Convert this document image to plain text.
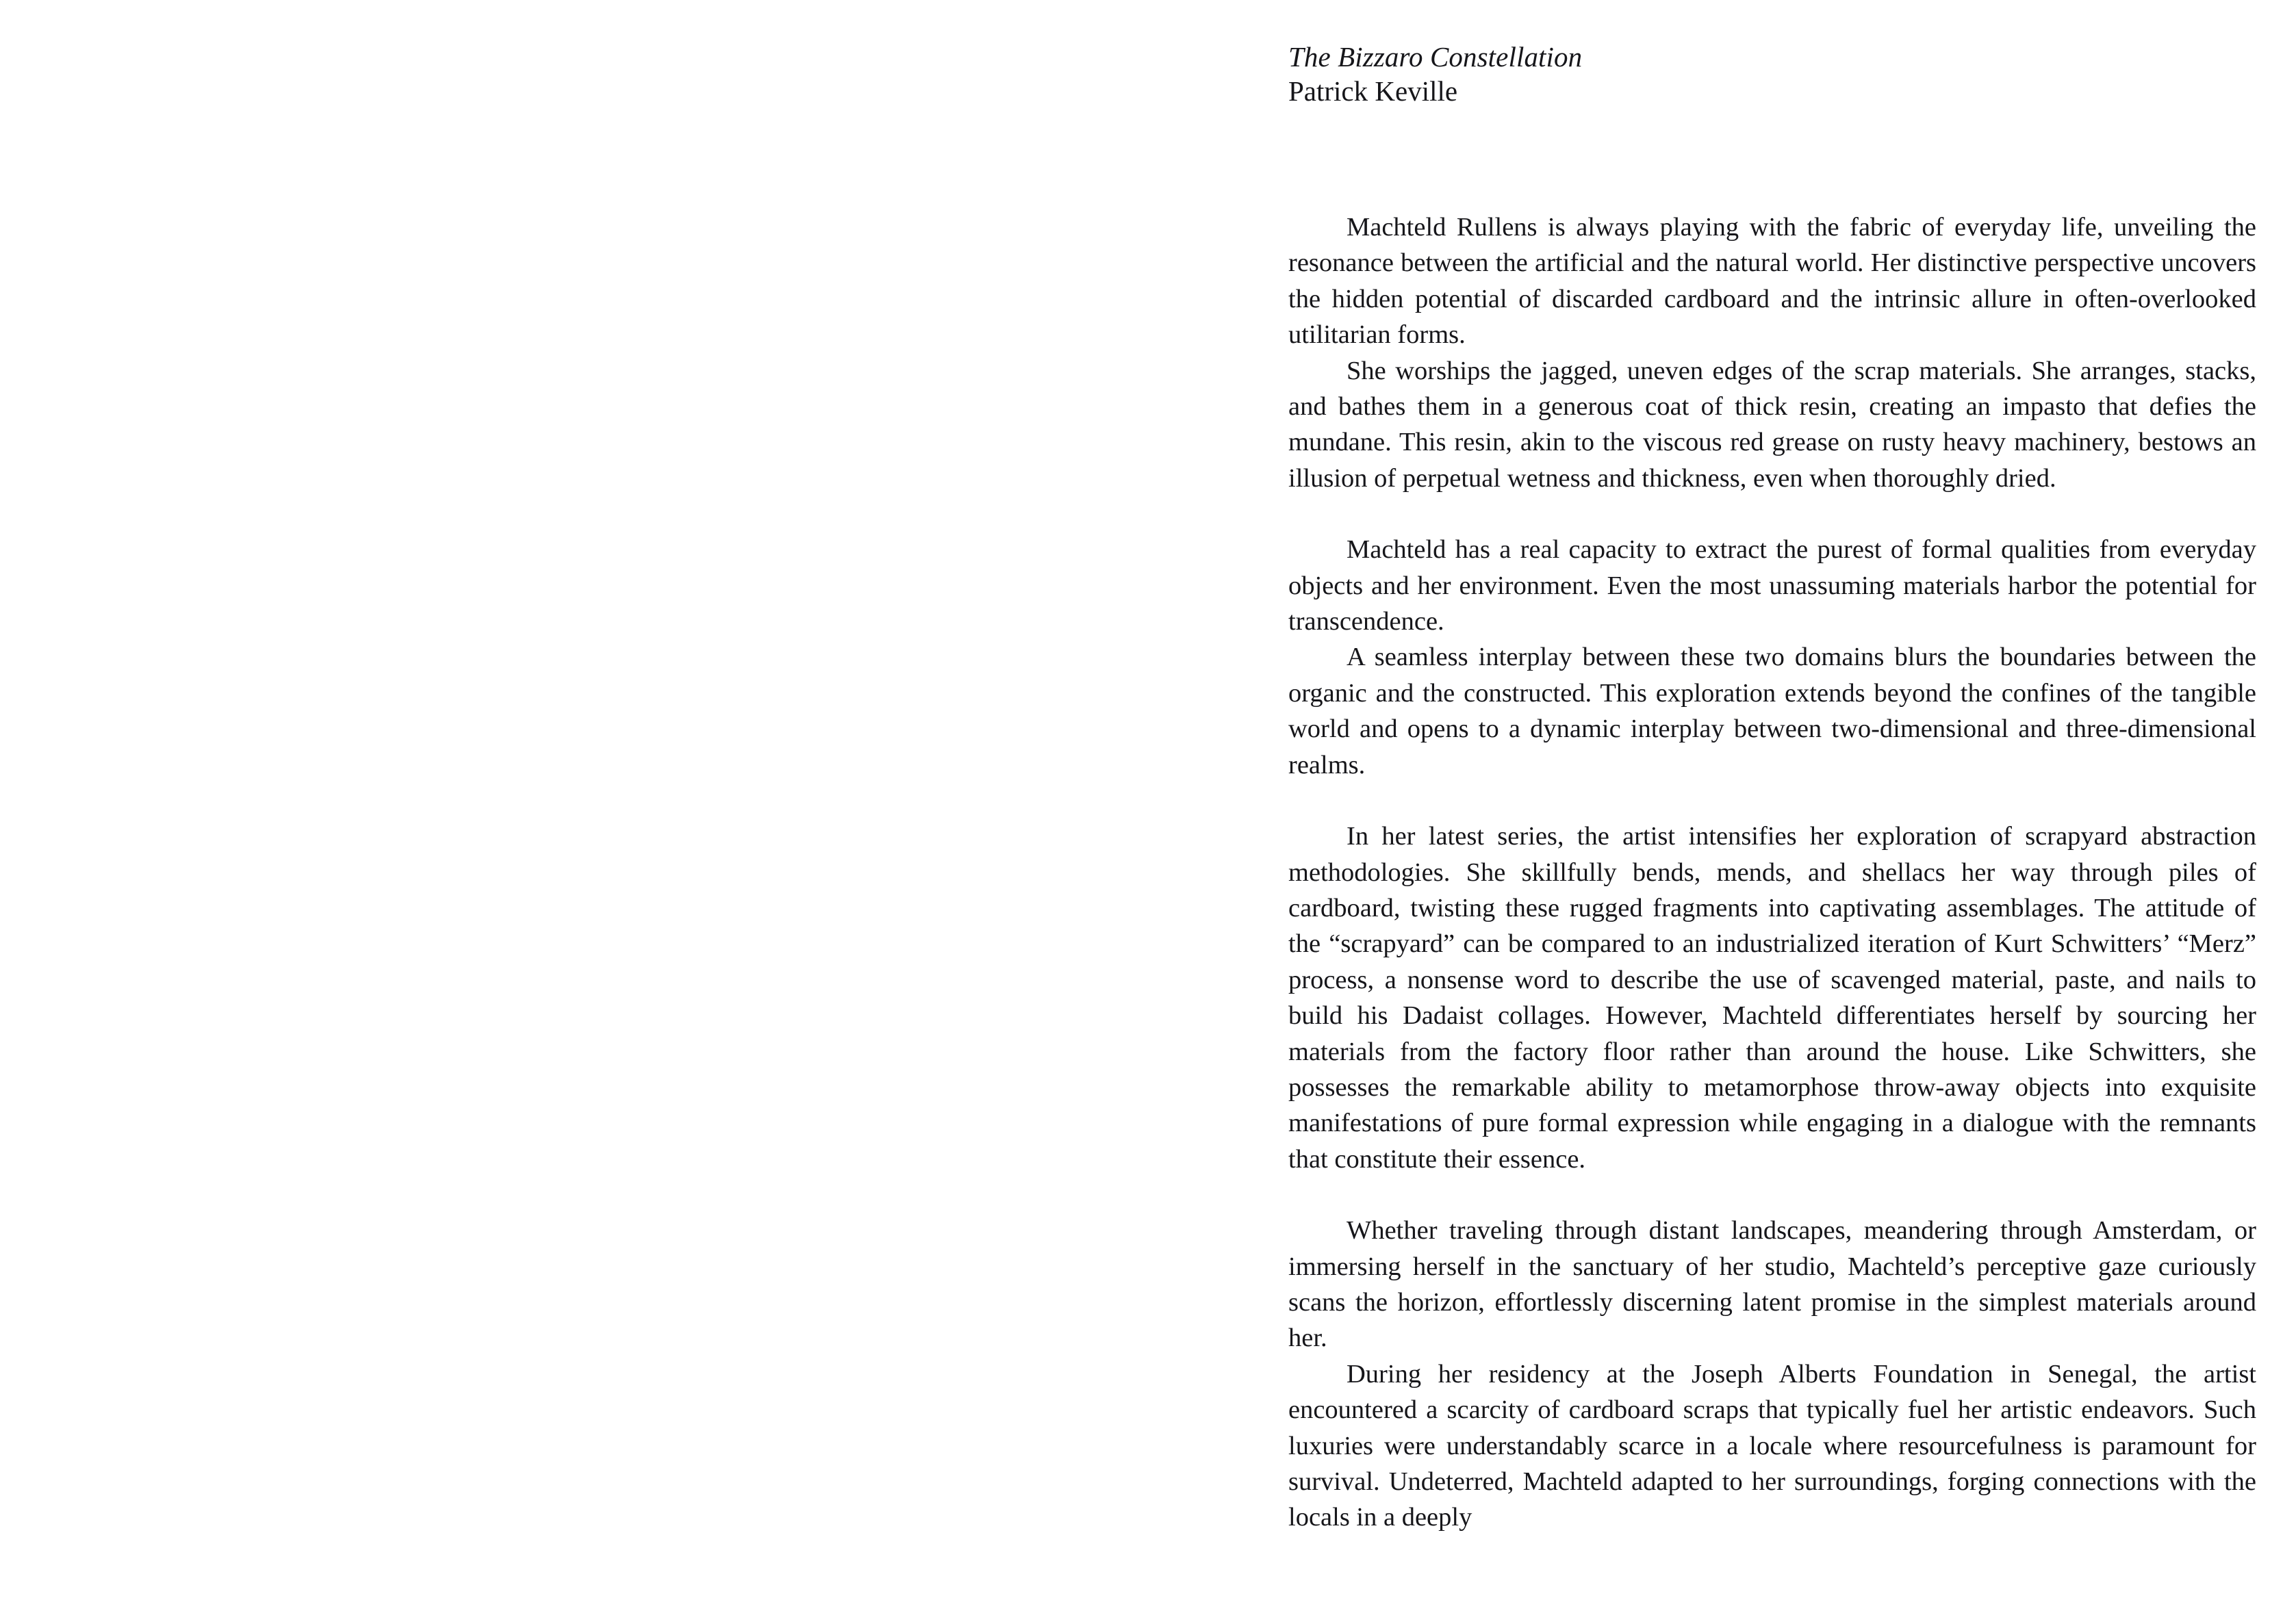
The Bizzaro Constellation
Patrick Keville

Machteld Rullens is always playing with the fabric of everyday life, unveiling the resonance between the artificial and the natural world. Her distinctive perspective uncovers the hidden potential of discarded cardboard and the intrinsic allure in often-overlooked utilitarian forms.

She worships the jagged, uneven edges of the scrap materials. She arranges, stacks, and bathes them in a generous coat of thick resin, creating an impasto that defies the mundane. This resin, akin to the viscous red grease on rusty heavy machinery, bestows an illusion of perpetual wetness and thickness, even when thoroughly dried.

Machteld has a real capacity to extract the purest of formal qualities from everyday objects and her environment. Even the most unassuming materials harbor the potential for transcendence.

A seamless interplay between these two domains blurs the boundaries between the organic and the constructed. This exploration extends beyond the confines of the tangible world and opens to a dynamic interplay between two-dimensional and three-dimensional realms.

In her latest series, the artist intensifies her exploration of scrapyard abstraction methodologies. She skillfully bends, mends, and shellacs her way through piles of cardboard, twisting these rugged fragments into captivating assemblages. The attitude of the “scrapyard” can be compared to an industrialized iteration of Kurt Schwitters’ “Merz” process, a nonsense word to describe the use of scavenged material, paste, and nails to build his Dadaist collages. However, Machteld differentiates herself by sourcing her materials from the factory floor rather than around the house. Like Schwitters, she possesses the remarkable ability to metamorphose throw-away objects into exquisite manifestations of pure formal expression while engaging in a dialogue with the remnants that constitute their essence.

Whether traveling through distant landscapes, meandering through Amsterdam, or immersing herself in the sanctuary of her studio, Machteld’s perceptive gaze curiously scans the horizon, effortlessly discerning latent promise in the simplest materials around her.

During her residency at the Joseph Alberts Foundation in Senegal, the artist encountered a scarcity of cardboard scraps that typically fuel her artistic endeavors. Such luxuries were understandably scarce in a locale where resourcefulness is paramount for survival. Undeterred, Machteld adapted to her surroundings, forging connections with the locals in a deeply
